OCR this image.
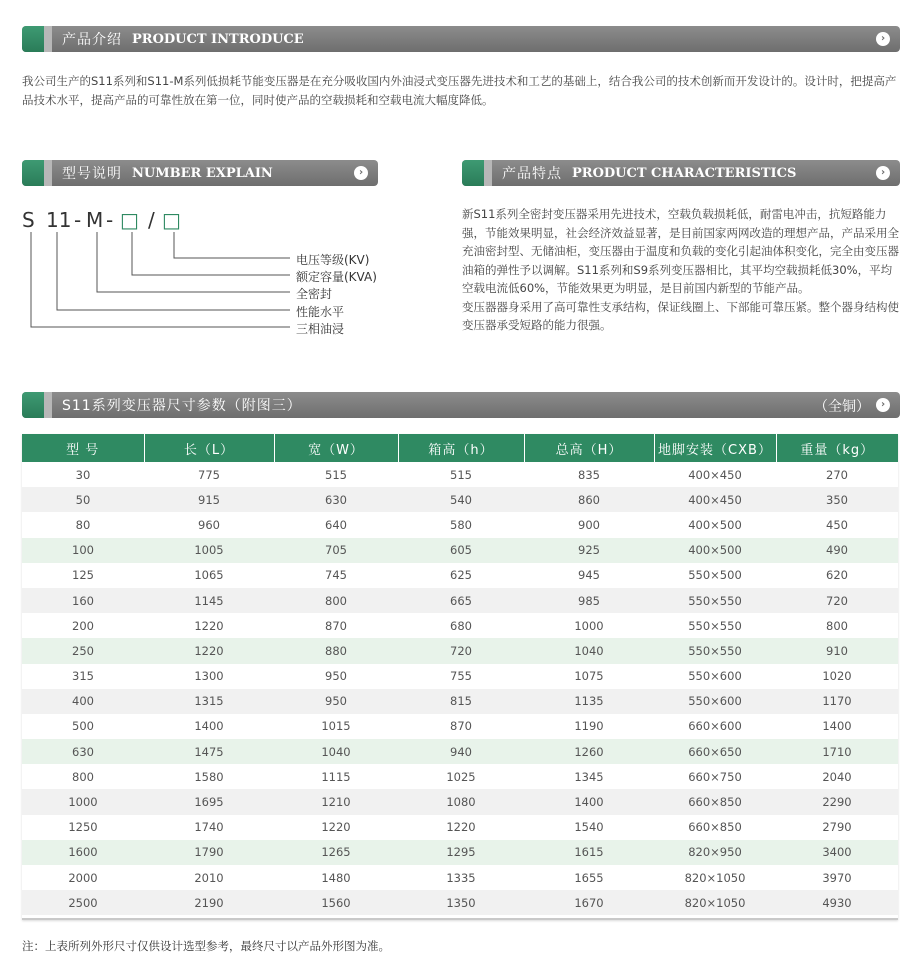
产品介绍 PRODUCT INTRODUCE	›
我公司生产的S11系列和S11-M系列低损耗节能变压器是在充分吸收国内外油浸式变压器先进技术和工艺的基础上，结合我公司的技术创新而开发设计的。设计时，把提高产品技术水平，提高产品的可靠性放在第一位，同时使产品的空载损耗和空载电流大幅度降低。
型号说明 NUMBER EXPLAIN	›	产品特点 PRODUCT CHARACTERISTICS	›
S 11 - M - □ / □
电压等级(KV)
额定容量(KVA)
全密封
性能水平
三相油浸

新S11系列全密封变压器采用先进技术，空载负载损耗低，耐雷电冲击，抗短路能力强，节能效果明显，社会经济效益显著，是目前国家两网改造的理想产品，产品采用全充油密封型、无储油柜，变压器由于温度和负载的变化引起油体积变化，完全由变压器油箱的弹性予以调解。S11系列和S9系列变压器相比，其平均空载损耗低30%，平均空载电流低60%，节能效果更为明显，是目前国内新型的节能产品。

变压器器身采用了高可靠性支承结构，保证线圈上、下部能可靠压紧。整个器身结构使变压器承受短路的能力很强。

S11系列变压器尺寸参数（附图三）	（全铜）	›
型 号	长（L）	宽（W）	箱高（h）	总高（H）	地脚安装（CXB）	重量（kg）
30	775	515	515	835	400×450	270
50	915	630	540	860	400×450	350
80	960	640	580	900	400×500	450
100	1005	705	605	925	400×500	490
125	1065	745	625	945	550×500	620
160	1145	800	665	985	550×550	720
200	1220	870	680	1000	550×550	800
250	1220	880	720	1040	550×550	910
315	1300	950	755	1075	550×600	1020
400	1315	950	815	1135	550×600	1170
500	1400	1015	870	1190	660×600	1400
630	1475	1040	940	1260	660×650	1710
800	1580	1115	1025	1345	660×750	2040
1000	1695	1210	1080	1400	660×850	2290
1250	1740	1220	1220	1540	660×850	2790
1600	1790	1265	1295	1615	820×950	3400
2000	2010	1480	1335	1655	820×1050	3970
2500	2190	1560	1350	1670	820×1050	4930
注：上表所列外形尺寸仅供设计选型参考，最终尺寸以产品外形图为准。
